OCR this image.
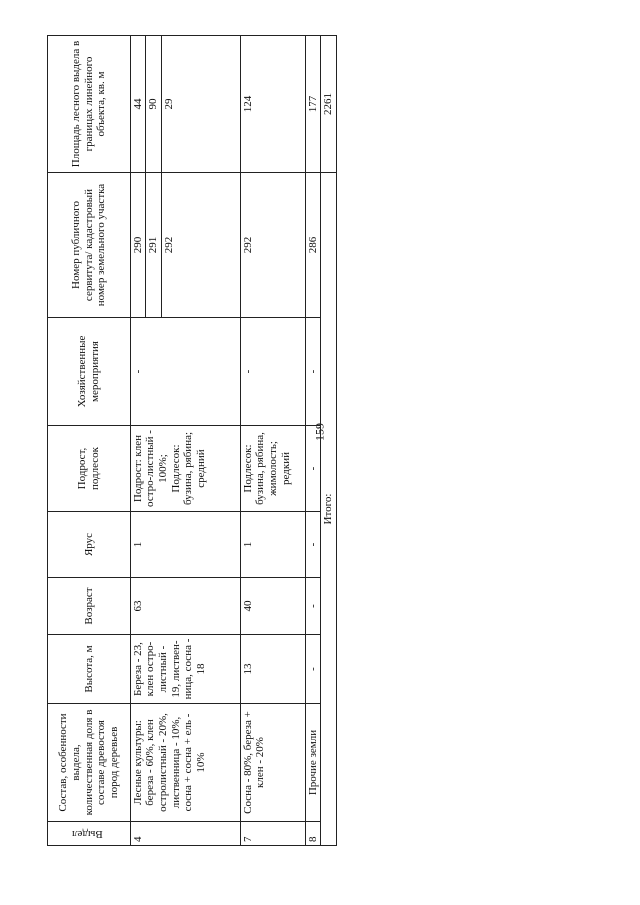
159
Выдел	Состав, особенности выдела, количественная доля в составе древостоя пород деревьев	Высота, м	Возраст	Ярус	Подрост, подлесок	Хозяйственные мероприятия	Номер публичного сервитута/ кадастровый номер земельного участка	Площадь лесного выдела в границах линейного объекта, кв. м
4	Лесные культуры: береза - 60%, клен остролистный - 20%, лиственница - 10%, сосна + сосна + ель - 10%	Береза - 23, клен остро-листный - 19, листвен-ница, сосна - 18	63	1	Подрост: клен остро-листный - 100%; Подлесок: бузина, рябина; средний	-	290 291 292	44 90 29

7	Сосна - 80%, береза + клен - 20%	13	40	1	Подлесок: бузина, рябина, жимолость; редкий	-	292	124
8	Прочие земли	-	-	-	-	-	286	177
Итого:								2261
